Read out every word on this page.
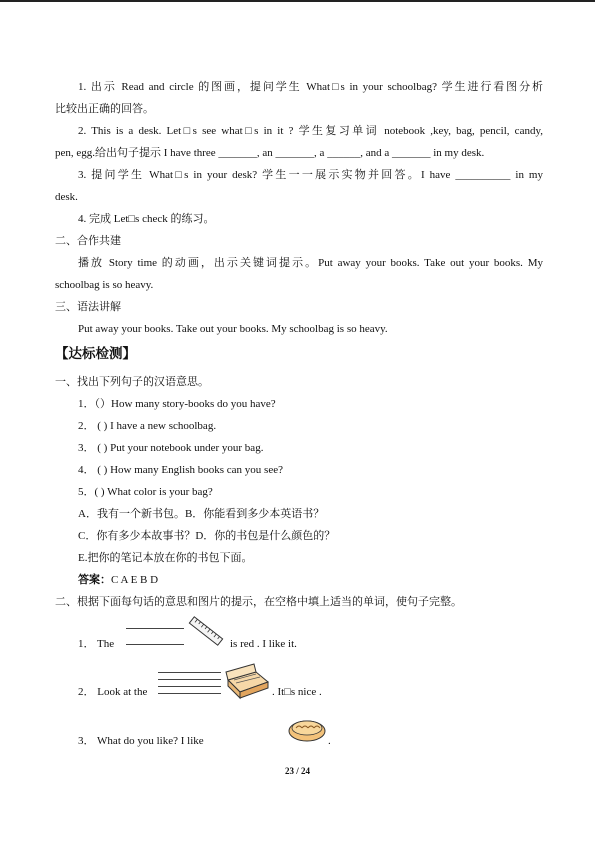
1. 出示 Read and circle 的图画，提问学生 What□s in your schoolbag? 学生进行看图分析
比较出正确的回答。
2. This is a desk. Let□s see what□s in it ? 学生复习单词 notebook ,key, bag, pencil, candy,
pen, egg.给出句子提示 I have three _______, an _______, a ______, and a _______ in my desk.
3. 提问学生 What□s in your desk? 学生一一展示实物并回答。I have __________ in my
desk.
4. 完成 Let□s check 的练习。
二、合作共建
播放 Story time 的动画，出示关键词提示。Put away your books. Take out your books. My
schoolbag is so heavy.
三、语法讲解
Put away your books. Take out your books. My schoolbag is so heavy.
【达标检测】
一、找出下列句子的汉语意思。
1．（）How many story-books do you have?
2． ( ) I have a new schoolbag.
3． ( ) Put your notebook under your bag.
4． ( ) How many English books can you see?
5．( ) What color is your bag?
A．我有一个新书包。B．你能看到多少本英语书？
C．你有多少本故事书？D．你的书包是什么颜色的？
E.把你的笔记本放在你的书包下面。
答案：C A E B D
二、根据下面每句话的意思和图片的提示，在空格中填上适当的单词，使句子完整。
1． The	is red . I like it.
2． Look at the	. It□s nice .
3． What do you like? I like	.
23 / 24
